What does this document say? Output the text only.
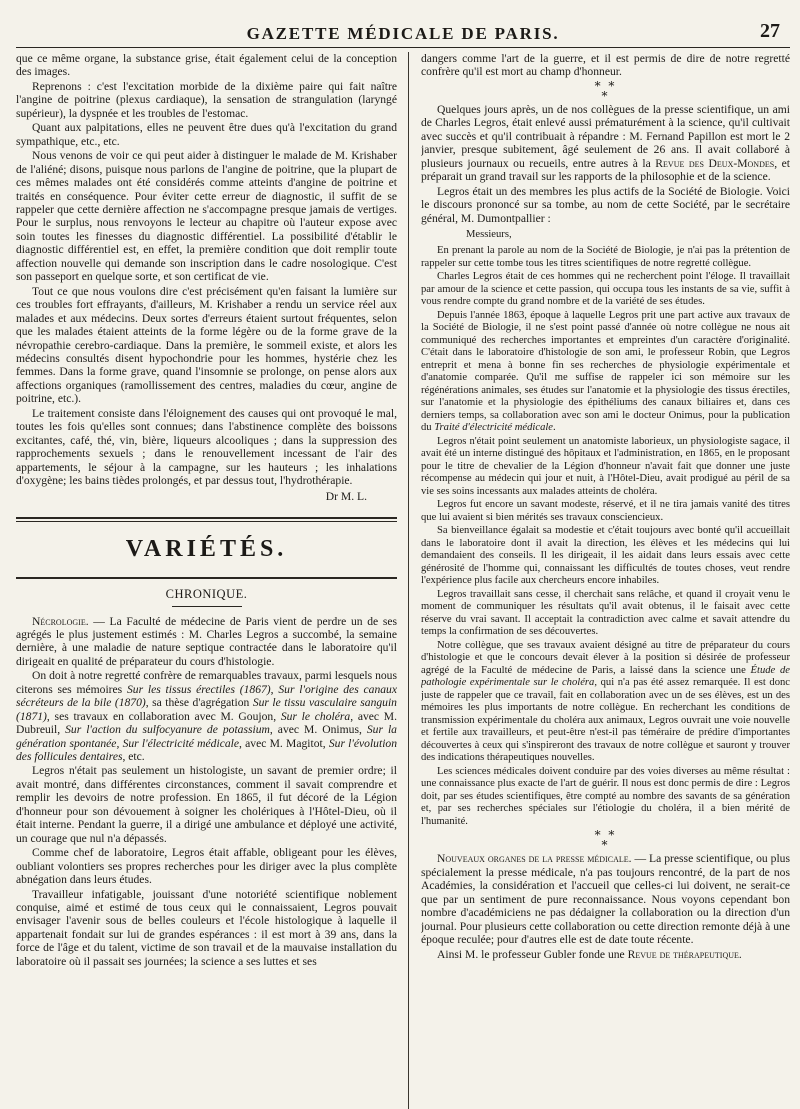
GAZETTE MÉDICALE DE PARIS.	27

que ce même organe, la substance grise, était également celui de la conception des images.

Reprenons : c'est l'excitation morbide de la dixième paire qui fait naître l'angine de poitrine (plexus cardiaque), la sensation de strangulation (laryngé supérieur), la dyspnée et les troubles de l'estomac.

Quant aux palpitations, elles ne peuvent être dues qu'à l'excitation du grand sympathique, etc., etc.

Nous venons de voir ce qui peut aider à distinguer le malade de M. Krishaber de l'aliéné; disons, puisque nous parlons de l'angine de poitrine, que la plupart de ces mêmes malades ont été considérés comme atteints d'angine de poitrine et traités en conséquence. Pour éviter cette erreur de diagnostic, il suffit de se rappeler que cette dernière affection ne s'accompagne presque jamais de vertiges. Pour le surplus, nous renvoyons le lecteur au chapitre où l'auteur expose avec soin toutes les finesses du diagnostic différentiel. La possibilité d'établir le diagnostic différentiel est, en effet, la première condition que doit remplir toute affection nouvelle qui demande son inscription dans le cadre nosologique. C'est son passeport en quelque sorte, et son certificat de vie.

Tout ce que nous voulons dire c'est précisément qu'en faisant la lumière sur ces troubles fort effrayants, d'ailleurs, M. Krishaber a rendu un service réel aux malades et aux médecins. Deux sortes d'erreurs étaient surtout fréquentes, selon que les malades étaient atteints de la forme légère ou de la forme grave de la névropathie cerebro-cardiaque. Dans la première, le sommeil existe, et alors les médecins consultés disent hypochondrie pour les hommes, hystérie chez les femmes. Dans la forme grave, quand l'insomnie se prolonge, on pense alors aux affections organiques (ramollissement des centres, maladies du cœur, angine de poitrine, etc.).

Le traitement consiste dans l'éloignement des causes qui ont provoqué le mal, toutes les fois qu'elles sont connues; dans l'abstinence complète des boissons excitantes, café, thé, vin, bière, liqueurs alcooliques ; dans la suppression des rapprochements sexuels ; dans le renouvellement incessant de l'air des appartements, le séjour à la campagne, sur les hauteurs ; les inhalations d'oxygène; les bains tièdes prolongés, et par dessus tout, l'hydrothérapie.

Dr M. L.
VARIÉTÉS.
CHRONIQUE.

Nécrologie. — La Faculté de médecine de Paris vient de perdre un de ses agrégés le plus justement estimés : M. Charles Legros a succombé, la semaine dernière, à une maladie de nature septique contractée dans le laboratoire qu'il dirigeait en qualité de préparateur du cours d'histologie.

On doit à notre regretté confrère de remarquables travaux, parmi lesquels nous citerons ses mémoires Sur les tissus érectiles (1867), Sur l'origine des canaux sécréteurs de la bile (1870), sa thèse d'agrégation Sur le tissu vasculaire sanguin (1871), ses travaux en collaboration avec M. Goujon, Sur le choléra, avec M. Dubreuil, Sur l'action du sulfocyanure de potassium, avec M. Onimus, Sur la génération spontanée, Sur l'électricité médicale, avec M. Magitot, Sur l'évolution des follicules dentaires, etc.

Legros n'était pas seulement un histologiste, un savant de premier ordre; il avait montré, dans différentes circonstances, comment il savait comprendre et remplir les devoirs de notre profession. En 1865, il fut décoré de la Légion d'honneur pour son dévouement à soigner les cholériques à l'Hôtel-Dieu, où il était interne. Pendant la guerre, il a dirigé une ambulance et déployé une activité, un courage que nul n'a dépassés.

Comme chef de laboratoire, Legros était affable, obligeant pour les élèves, oubliant volontiers ses propres recherches pour les diriger avec la plus complète abnégation dans leurs études.

Travailleur infatigable, jouissant d'une notoriété scientifique noblement conquise, aimé et estimé de tous ceux qui le connaissaient, Legros pouvait envisager l'avenir sous de belles couleurs et l'école histologique à laquelle il appartenait fondait sur lui de grandes espérances : il est mort à 39 ans, dans la force de l'âge et du talent, victime de son travail et de la mauvaise installation du laboratoire où il passait ses journées; la science a ses luttes et ses

dangers comme l'art de la guerre, et il est permis de dire de notre regretté confrère qu'il est mort au champ d'honneur.

* *
*

Quelques jours après, un de nos collègues de la presse scientifique, un ami de Charles Legros, était enlevé aussi prématurément à la science, qu'il cultivait avec succès et qu'il contribuait à répandre : M. Fernand Papillon est mort le 2 janvier, presque subitement, âgé seulement de 26 ans. Il avait collaboré à plusieurs journaux ou recueils, entre autres à la Revue des Deux-Mondes, et préparait un grand travail sur les rapports de la philosophie et de la science.

Legros était un des membres les plus actifs de la Société de Biologie. Voici le discours prononcé sur sa tombe, au nom de cette Société, par le secrétaire général, M. Dumontpallier :

Messieurs,

En prenant la parole au nom de la Société de Biologie, je n'ai pas la prétention de rappeler sur cette tombe tous les titres scientifiques de notre regretté collègue.

Charles Legros était de ces hommes qui ne recherchent point l'éloge. Il travaillait par amour de la science et cette passion, qui occupa tous les instants de sa vie, suffit à vous rendre compte du grand nombre et de la variété de ses études.

Depuis l'année 1863, époque à laquelle Legros prit une part active aux travaux de la Société de Biologie, il ne s'est point passé d'année où notre collègue ne nous ait communiqué des recherches importantes et empreintes d'un caractère d'originalité. C'était dans le laboratoire d'histologie de son ami, le professeur Robin, que Legros entreprit et mena à bonne fin ses recherches de physiologie expérimentale et d'anatomie comparée. Qu'il me suffise de rappeler ici son mémoire sur les régénérations animales, ses études sur l'anatomie et la physiologie des tissus érectiles, sur l'anatomie et la physiologie des épithéliums des canaux biliaires et, dans ces derniers temps, sa collaboration avec son ami le docteur Onimus, pour la publication du Traité d'électricité médicale.

Legros n'était point seulement un anatomiste laborieux, un physiologiste sagace, il avait été un interne distingué des hôpitaux et l'administration, en 1865, en le proposant pour le titre de chevalier de la Légion d'honneur n'avait fait que donner une juste récompense au médecin qui jour et nuit, à l'Hôtel-Dieu, avait prodigué au péril de sa vie ses soins incessants aux malades atteints de choléra.

Legros fut encore un savant modeste, réservé, et il ne tira jamais vanité des titres que lui avaient si bien mérités ses travaux consciencieux.

Sa bienveillance égalait sa modestie et c'était toujours avec bonté qu'il accueillait dans le laboratoire dont il avait la direction, les élèves et les médecins qui lui demandaient des conseils. Il les dirigeait, il les aidait dans leurs essais avec cette générosité de l'homme qui, connaissant les difficultés de toutes choses, veut rendre l'expérience plus facile aux chercheurs encore inhabiles.

Legros travaillait sans cesse, il cherchait sans relâche, et quand il croyait venu le moment de communiquer les résultats qu'il avait obtenus, il le faisait avec cette réserve du vrai savant. Il acceptait la contradiction avec calme et savait attendre du temps la confirmation de ses découvertes.

Notre collègue, que ses travaux avaient désigné au titre de préparateur du cours d'histologie et que le concours devait élever à la position si désirée de professeur agrégé de la Faculté de médecine de Paris, a laissé dans la science une Étude de pathologie expérimentale sur le choléra, qui n'a pas été assez remarquée. Il est donc juste de rappeler que ce travail, fait en collaboration avec un de ses élèves, est un des mémoires les plus importants de notre collègue. En recherchant les conditions de transmission expérimentale du choléra aux animaux, Legros ouvrait une voie nouvelle et fertile aux travailleurs, et peut-être n'est-il pas téméraire de prédire d'importantes découvertes à ceux qui s'inspireront des travaux de notre collègue et sauront y trouver des indications thérapeutiques nouvelles.

Les sciences médicales doivent conduire par des voies diverses au même résultat : une connaissance plus exacte de l'art de guérir. Il nous est donc permis de dire : Legros doit, par ses études scientifiques, être compté au nombre des savants de sa génération et, par ses recherches spéciales sur l'étiologie du choléra, il a bien mérité de l'humanité.

* *
*

Nouveaux organes de la presse médicale. — La presse scientifique, ou plus spécialement la presse médicale, n'a pas toujours rencontré, de la part de nos Académies, la considération et l'accueil que celles-ci lui doivent, ne serait-ce que par un sentiment de pure reconnaissance. Nous voyons cependant bon nombre d'académiciens ne pas dédaigner la collaboration ou la direction d'un journal. Pour plusieurs cette collaboration ou cette direction remonte déjà à une époque reculée; pour d'autres elle est de date toute récente.

Ainsi M. le professeur Gubler fonde une Revue de thérapeutique.
